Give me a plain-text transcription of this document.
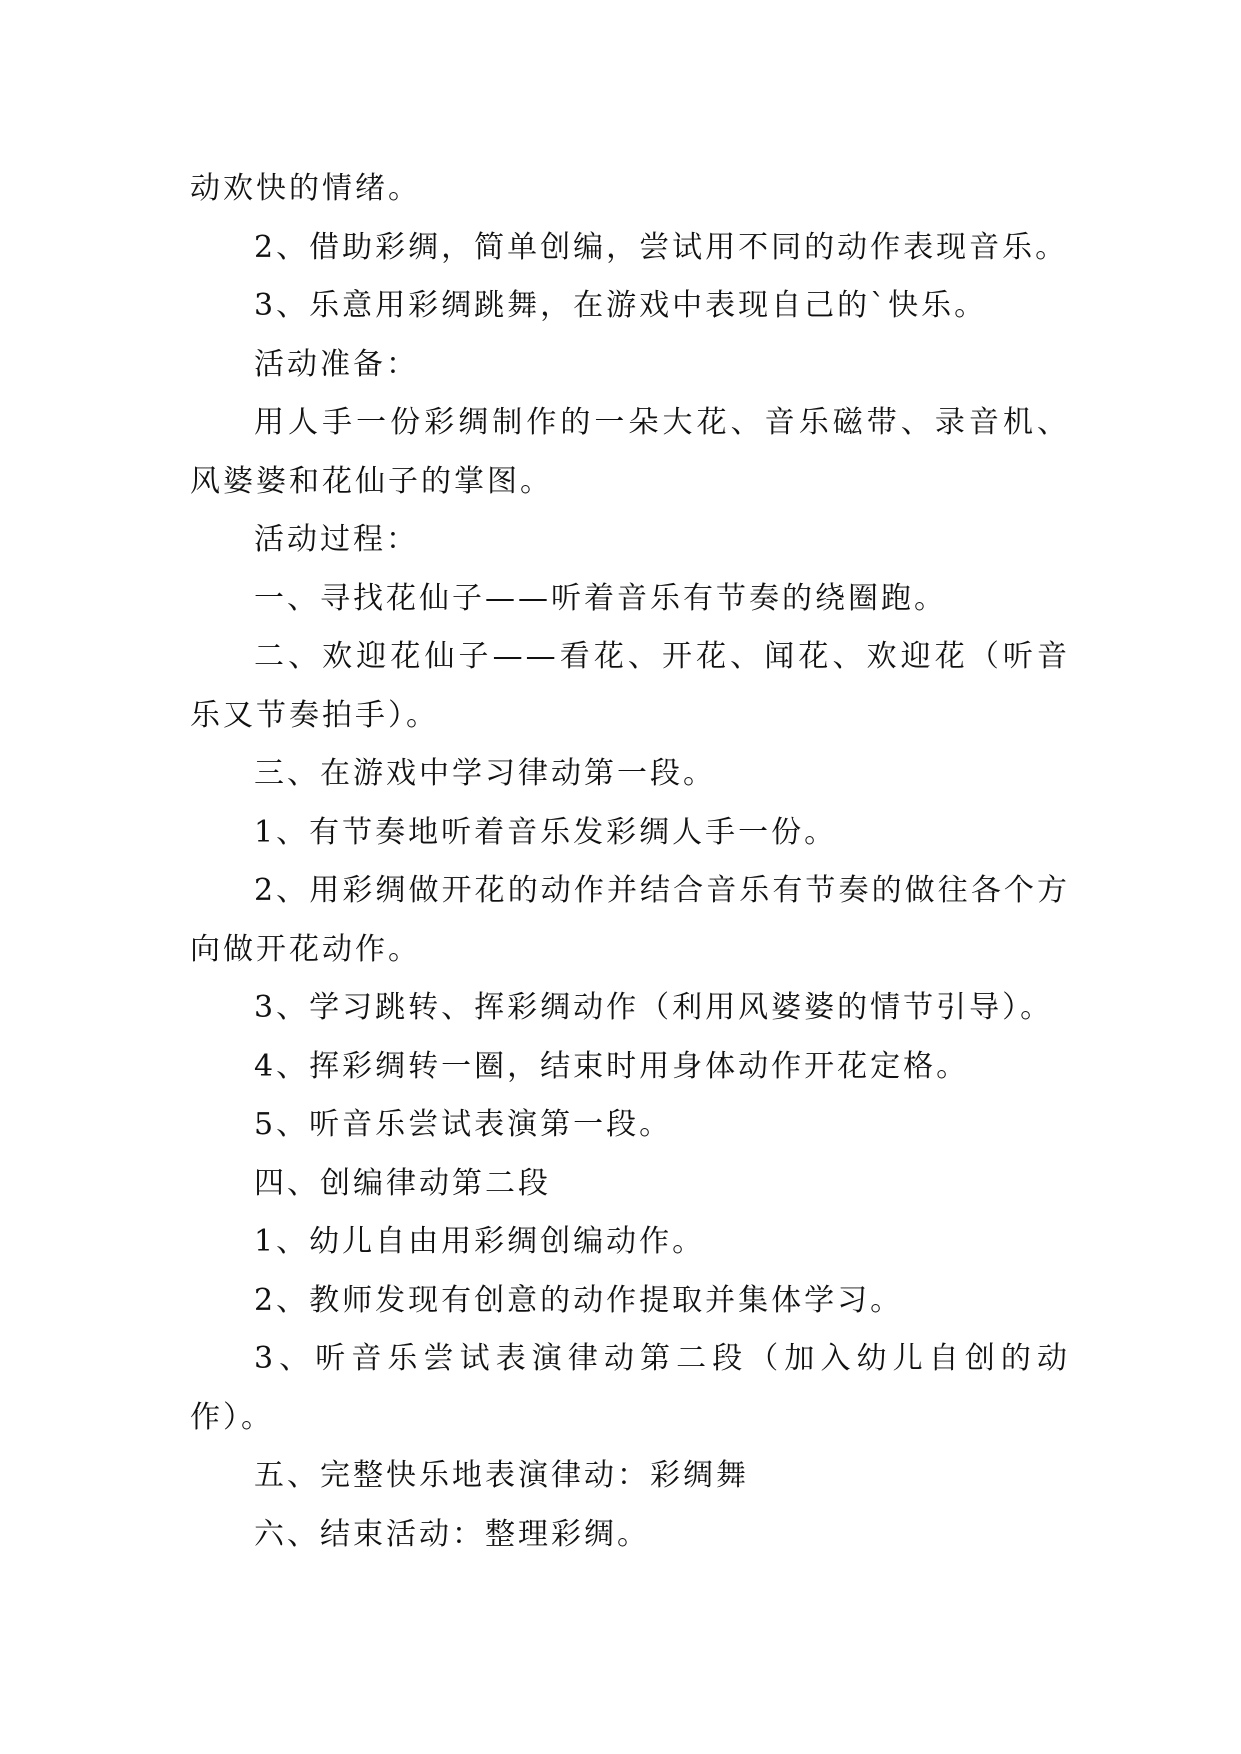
动欢快的情绪。

2、借助彩绸，简单创编，尝试用不同的动作表现音乐。

3、乐意用彩绸跳舞，在游戏中表现自己的`快乐。

活动准备：

用人手一份彩绸制作的一朵大花、音乐磁带、录音机、风婆婆和花仙子的掌图。

活动过程：

一、寻找花仙子——听着音乐有节奏的绕圈跑。

二、欢迎花仙子——看花、开花、闻花、欢迎花（听音乐又节奏拍手）。

三、在游戏中学习律动第一段。

1、有节奏地听着音乐发彩绸人手一份。

2、用彩绸做开花的动作并结合音乐有节奏的做往各个方向做开花动作。

3、学习跳转、挥彩绸动作（利用风婆婆的情节引导）。

4、挥彩绸转一圈，结束时用身体动作开花定格。

5、听音乐尝试表演第一段。

四、创编律动第二段

1、幼儿自由用彩绸创编动作。

2、教师发现有创意的动作提取并集体学习。

3、听音乐尝试表演律动第二段（加入幼儿自创的动作）。

五、完整快乐地表演律动：彩绸舞

六、结束活动：整理彩绸。
